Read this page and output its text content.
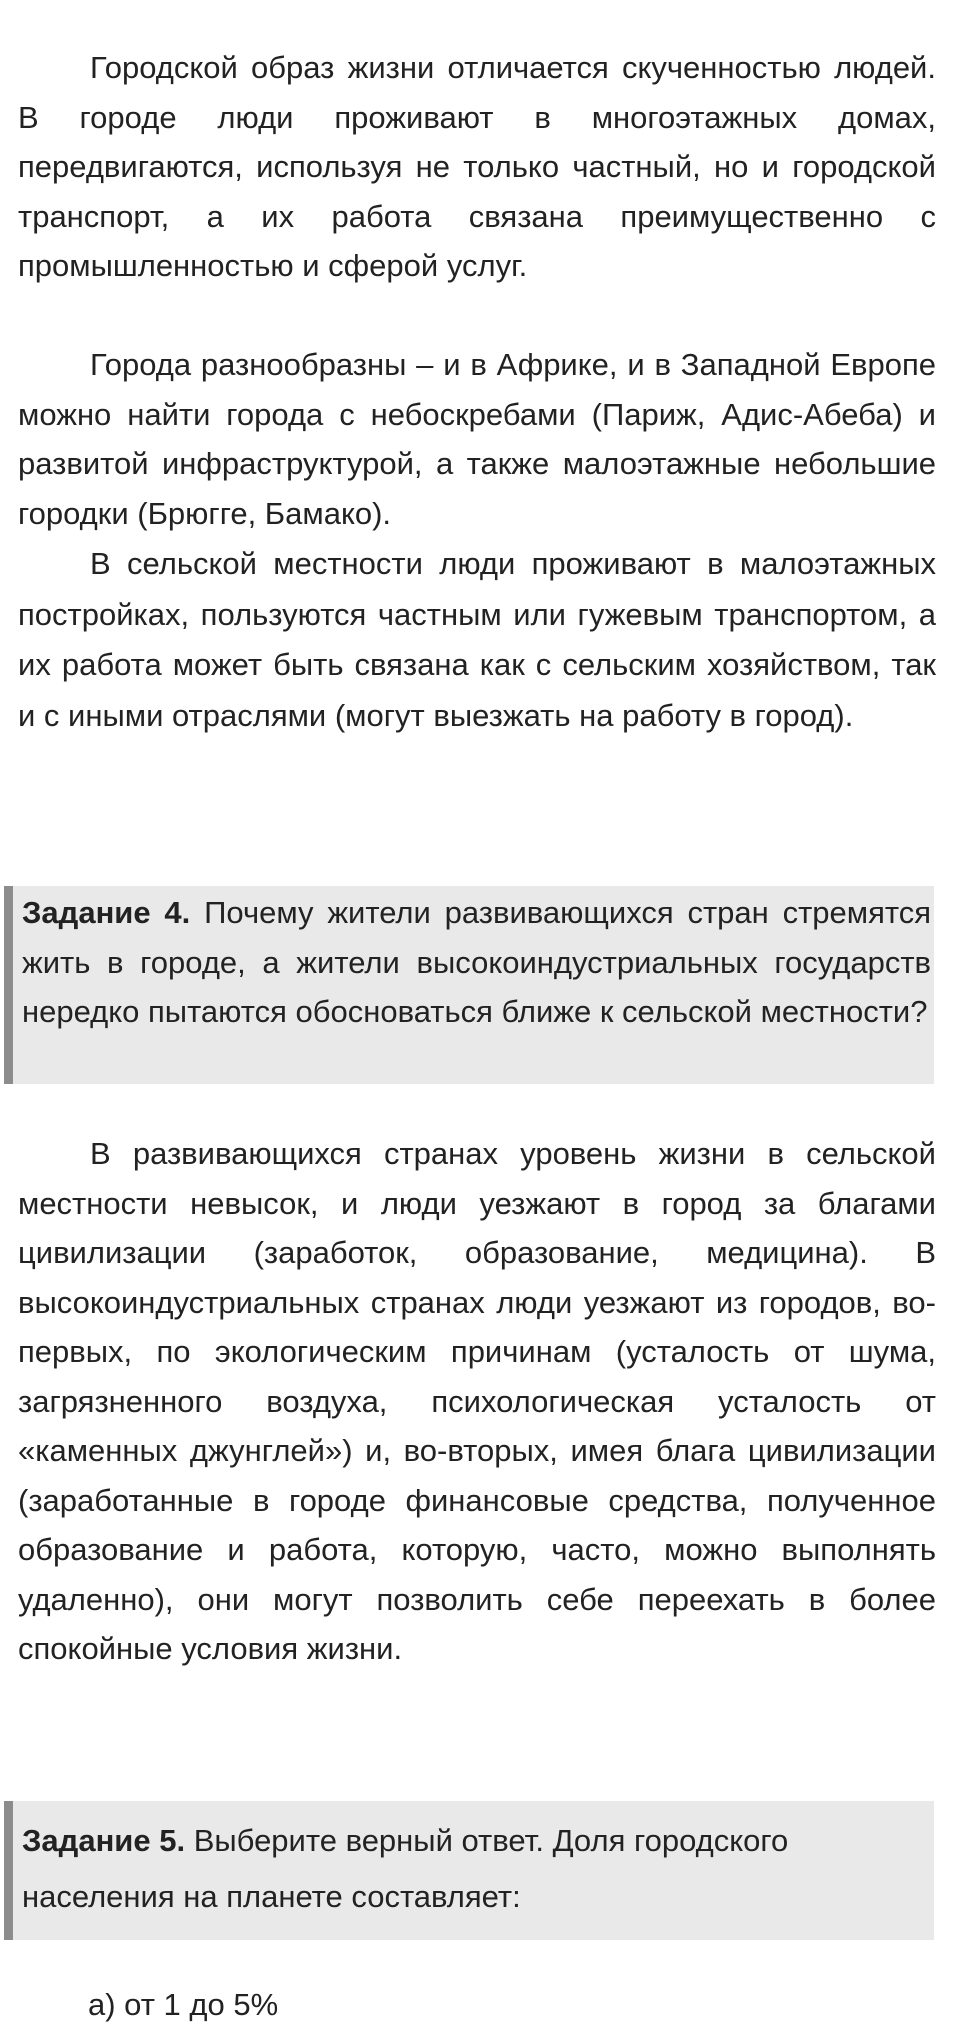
Городской образ жизни отличается скученностью людей. В городе люди проживают в многоэтажных домах, передвигаются, используя не только частный, но и городской транспорт, а их работа связана преимущественно с промышленностью и сферой услуг.

Города разнообразны – и в Африке, и в Западной Европе можно найти города с небоскребами (Париж, Адис-Абеба) и развитой инфраструктурой, а также малоэтажные небольшие городки (Брюгге, Бамако).

В сельской местности люди проживают в малоэтажных постройках, пользуются частным или гужевым транспортом, а их работа может быть связана как с сельским хозяйством, так и с иными отраслями (могут выезжать на работу в город).

Задание 4. Почему жители развивающихся стран стремятся жить в городе, а жители высокоиндустриальных государств нередко пытаются обосноваться ближе к сельской местности?

В развивающихся странах уровень жизни в сельской местности невысок, и люди уезжают в город за благами цивилизации (заработок, образование, медицина). В высокоиндустриальных странах люди уезжают из городов, во-первых, по экологическим причинам (усталость от шума, загрязненного воздуха, психологическая усталость от «каменных джунглей») и, во-вторых, имея блага цивилизации (заработанные в городе финансовые средства, полученное образование и работа, которую, часто, можно выполнять удаленно), они могут позволить себе переехать в более спокойные условия жизни.

Задание 5. Выберите верный ответ. Доля городского населения на планете составляет:

а) от 1 до 5%
